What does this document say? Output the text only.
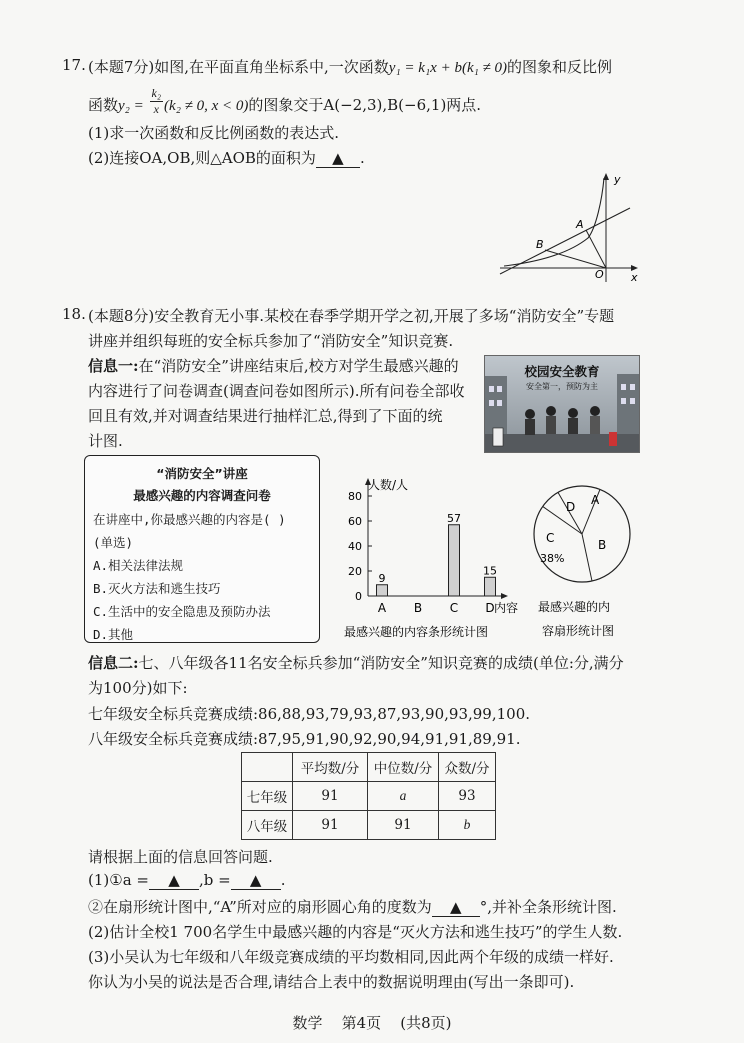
17. (本题7分)如图,在平面直角坐标系中,一次函数y₁ = k₁x + b(k₁ ≠ 0)的图象和反比例
函数$y_2 = \frac{\text{k₂}}{x} (k_2 \ne 0$, x < 0)的图象交于A(−2,3),B(−6,1)两点.
(1)求一次函数和反比例函数的表达式.
(2)连接OA,OB,则△AOB的面积为 ▲ .
y
x
O
A
B
18. (本题8分)安全教育无小事.某校在春季学期开学之初,开展了多场“消防安全”专题
讲座并组织每班的安全标兵参加了“消防安全”知识竞赛.
信息一:在“消防安全”讲座结束后,校方对学生最感兴趣的
内容进行了问卷调查(调查问卷如图所示).所有问卷全部收
回且有效,并对调查结果进行抽样汇总,得到了下面的统
计图.
校园安全教育
安全第一，预防为主
“消防安全”讲座
最感兴趣的内容调查问卷
在讲座中,你最感兴趣的内容是( )
(单选)
A.相关法律法规
B.灭火方法和逃生技巧
C.生活中的安全隐患及预防办法
D.其他
人数/人
内容
最感兴趣的内容条形统计图
0
20
40
60
80
9
A B
57
C
15
D	最感兴趣的内
容扇形统计图
A
B
C
D
38%
信息二:七、八年级各11名安全标兵参加“消防安全”知识竞赛的成绩(单位:分,满分
为100分)如下:
七年级安全标兵竞赛成绩:86,88,93,79,93,87,93,90,93,99,100.
八年级安全标兵竞赛成绩:87,95,91,90,92,90,94,91,91,89,91.
	平均数/分	中位数/分	众数/分
七年级	91	a	93
八年级	91	91	b
请根据上面的信息回答问题.
(1)①a = ▲ ,b = ▲ .
②在扇形统计图中,“A”所对应的扇形圆心角的度数为 ▲ °,并补全条形统计图.
(2)估计全校1 700名学生中最感兴趣的内容是“灭火方法和逃生技巧”的学生人数.
(3)小吴认为七年级和八年级竞赛成绩的平均数相同,因此两个年级的成绩一样好.
你认为小吴的说法是否合理,请结合上表中的数据说明理由(写出一条即可).
数学    第4页    (共8页)
